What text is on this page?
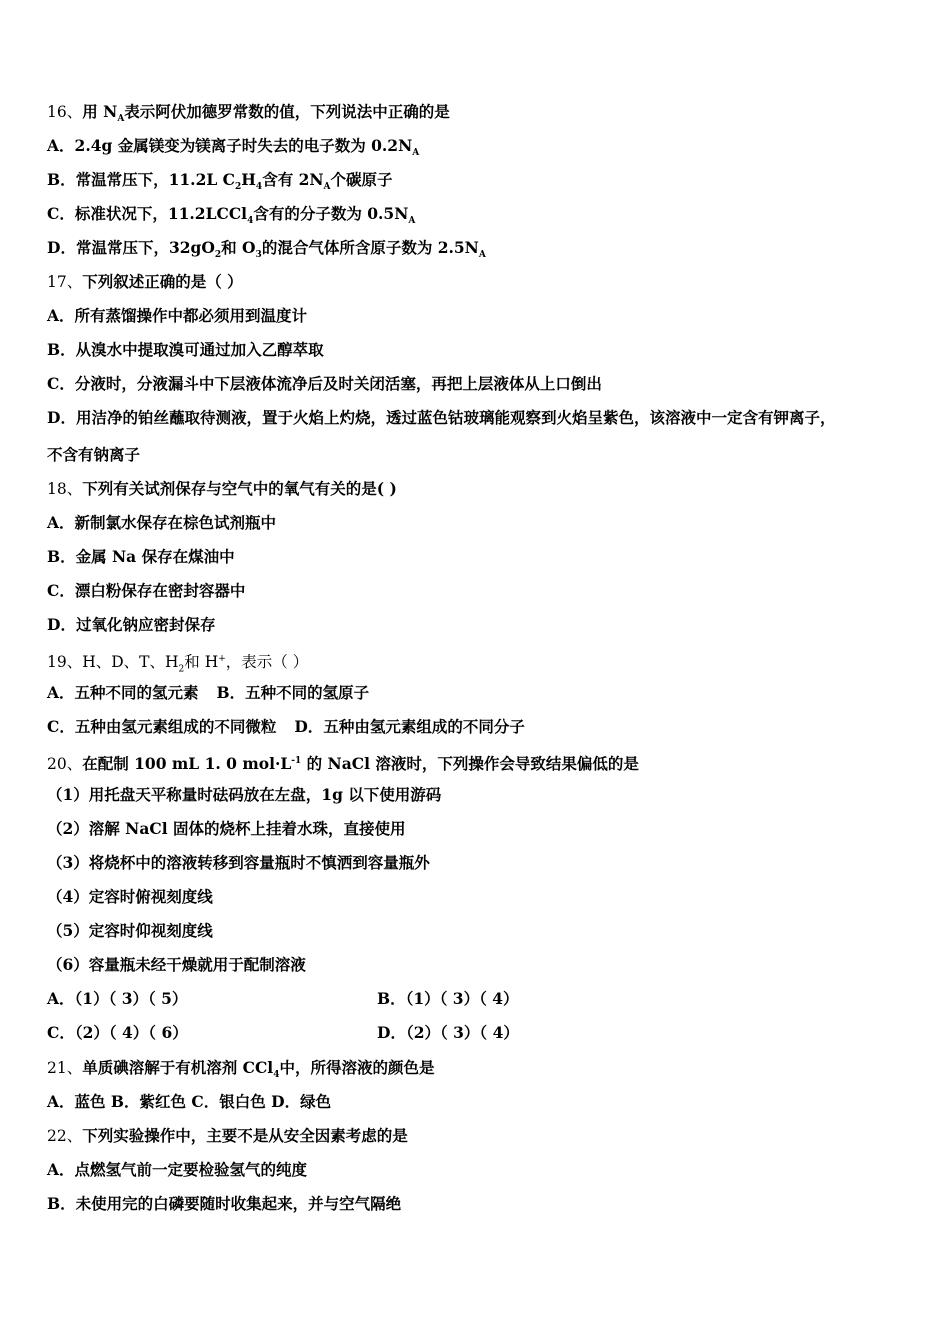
16、用 $N_A$表示阿伏加德罗常数的值，下列说法中正确的是
A．2.4g 金属镁变为镁离子时失去的电子数为 $0.2N_A$
B．常温常压下，11.2L $C_2H_4$含有 $2N_A$个碳原子
C．标准状况下，11.2LCCl$_4$含有的分子数为 $0.5N_A$
D．常温常压下，$32gO_2$和 $O_3$的混合气体所含原子数为 $2.5N_A$
17、下列叙述正确的是（ ）
A．所有蒸馏操作中都必须用到温度计
B．从溴水中提取溴可通过加入乙醇萃取
C．分液时，分液漏斗中下层液体流净后及时关闭活塞，再把上层液体从上口倒出
D．用洁净的铂丝蘸取待测液，置于火焰上灼烧，透过蓝色钴玻璃能观察到火焰呈紫色，该溶液中一定含有钾离子，
不含有钠离子
18、下列有关试剂保存与空气中的氧气有关的是( )
A．新制氯水保存在棕色试剂瓶中
B．金属 Na 保存在煤油中
C．漂白粉保存在密封容器中
D．过氧化钠应密封保存
19、H、D、T、$H_2$和 H+，表示（ ）
A．五种不同的氢元素 B．五种不同的氢原子
C．五种由氢元素组成的不同微粒 D．五种由氢元素组成的不同分子
20、在配制 100 mL 1. 0 $mol\cdot L^{-1}$ 的 NaCl 溶液时，下列操作会导致结果偏低的是
（1）用托盘天平称量时砝码放在左盘，1g 以下使用游码
（2）溶解 NaCl 固体的烧杯上挂着水珠，直接使用
（3）将烧杯中的溶液转移到容量瓶时不慎洒到容量瓶外
（4）定容时俯视刻度线
（5）定容时仰视刻度线
（6）容量瓶未经干燥就用于配制溶液
A．（1）（ 3）（ 5）	B．（1）（ 3）（ 4）
C．（2）（ 4）（ 6）	D．（2）（ 3）（ 4）
21、单质碘溶解于有机溶剂 CCl$_4$中，所得溶液的颜色是
A．蓝色 B．紫红色 C．银白色 D．绿色
22、下列实验操作中，主要不是从安全因素考虑的是
A．点燃氢气前一定要检验氢气的纯度
B．未使用完的白磷要随时收集起来，并与空气隔绝
